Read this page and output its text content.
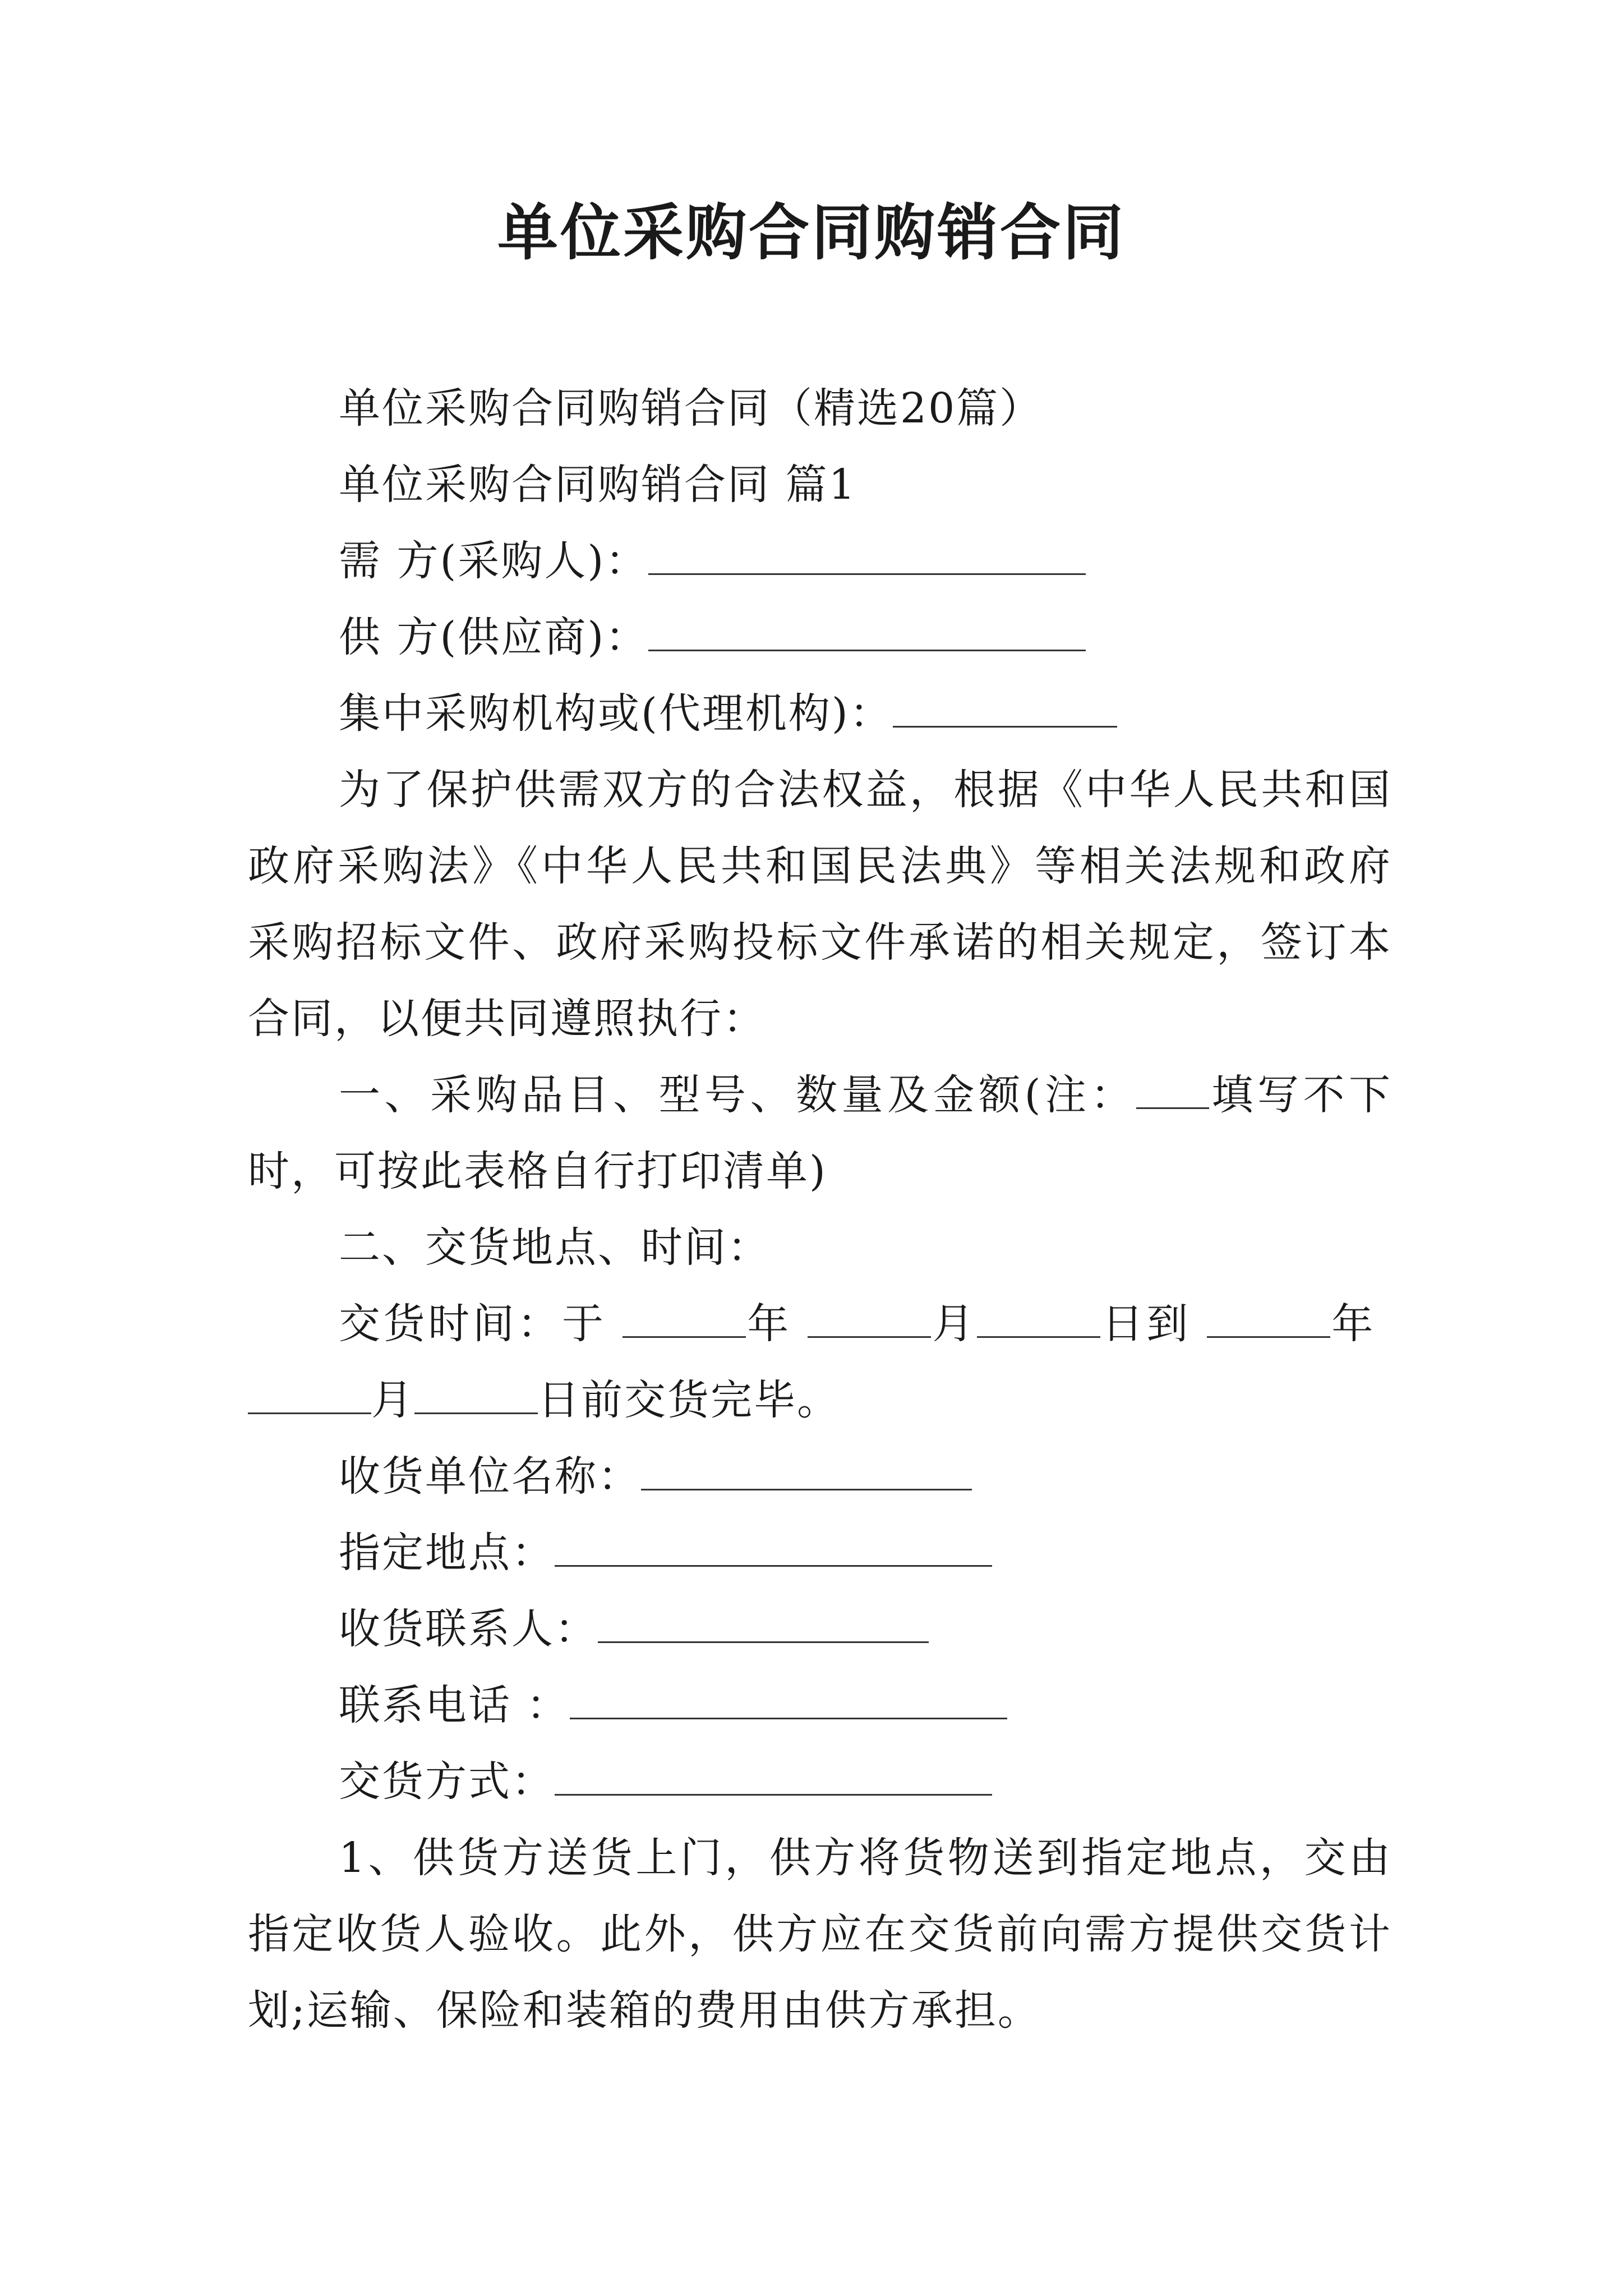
单位采购合同购销合同

单位采购合同购销合同（精选20篇）

单位采购合同购销合同 篇1

需 方(采购人)：

供 方(供应商)：

集中采购机构或(代理机构)：

为了保护供需双方的合法权益，根据《中华人民共和国政府采购法》《中华人民共和国民法典》等相关法规和政府采购招标文件、政府采购投标文件承诺的相关规定，签订本合同，以便共同遵照执行：

一、采购品目、型号、数量及金额(注： 填写不下时，可按此表格自行打印清单)

二、交货地点、时间：

交货时间：于	年	月	日到	年月	日前交货完毕。

收货单位名称：

指定地点：

收货联系人：

联系电话 ：

交货方式：

1、供货方送货上门，供方将货物送到指定地点，交由指定收货人验收。此外，供方应在交货前向需方提供交货计划;运输、保险和装箱的费用由供方承担。
